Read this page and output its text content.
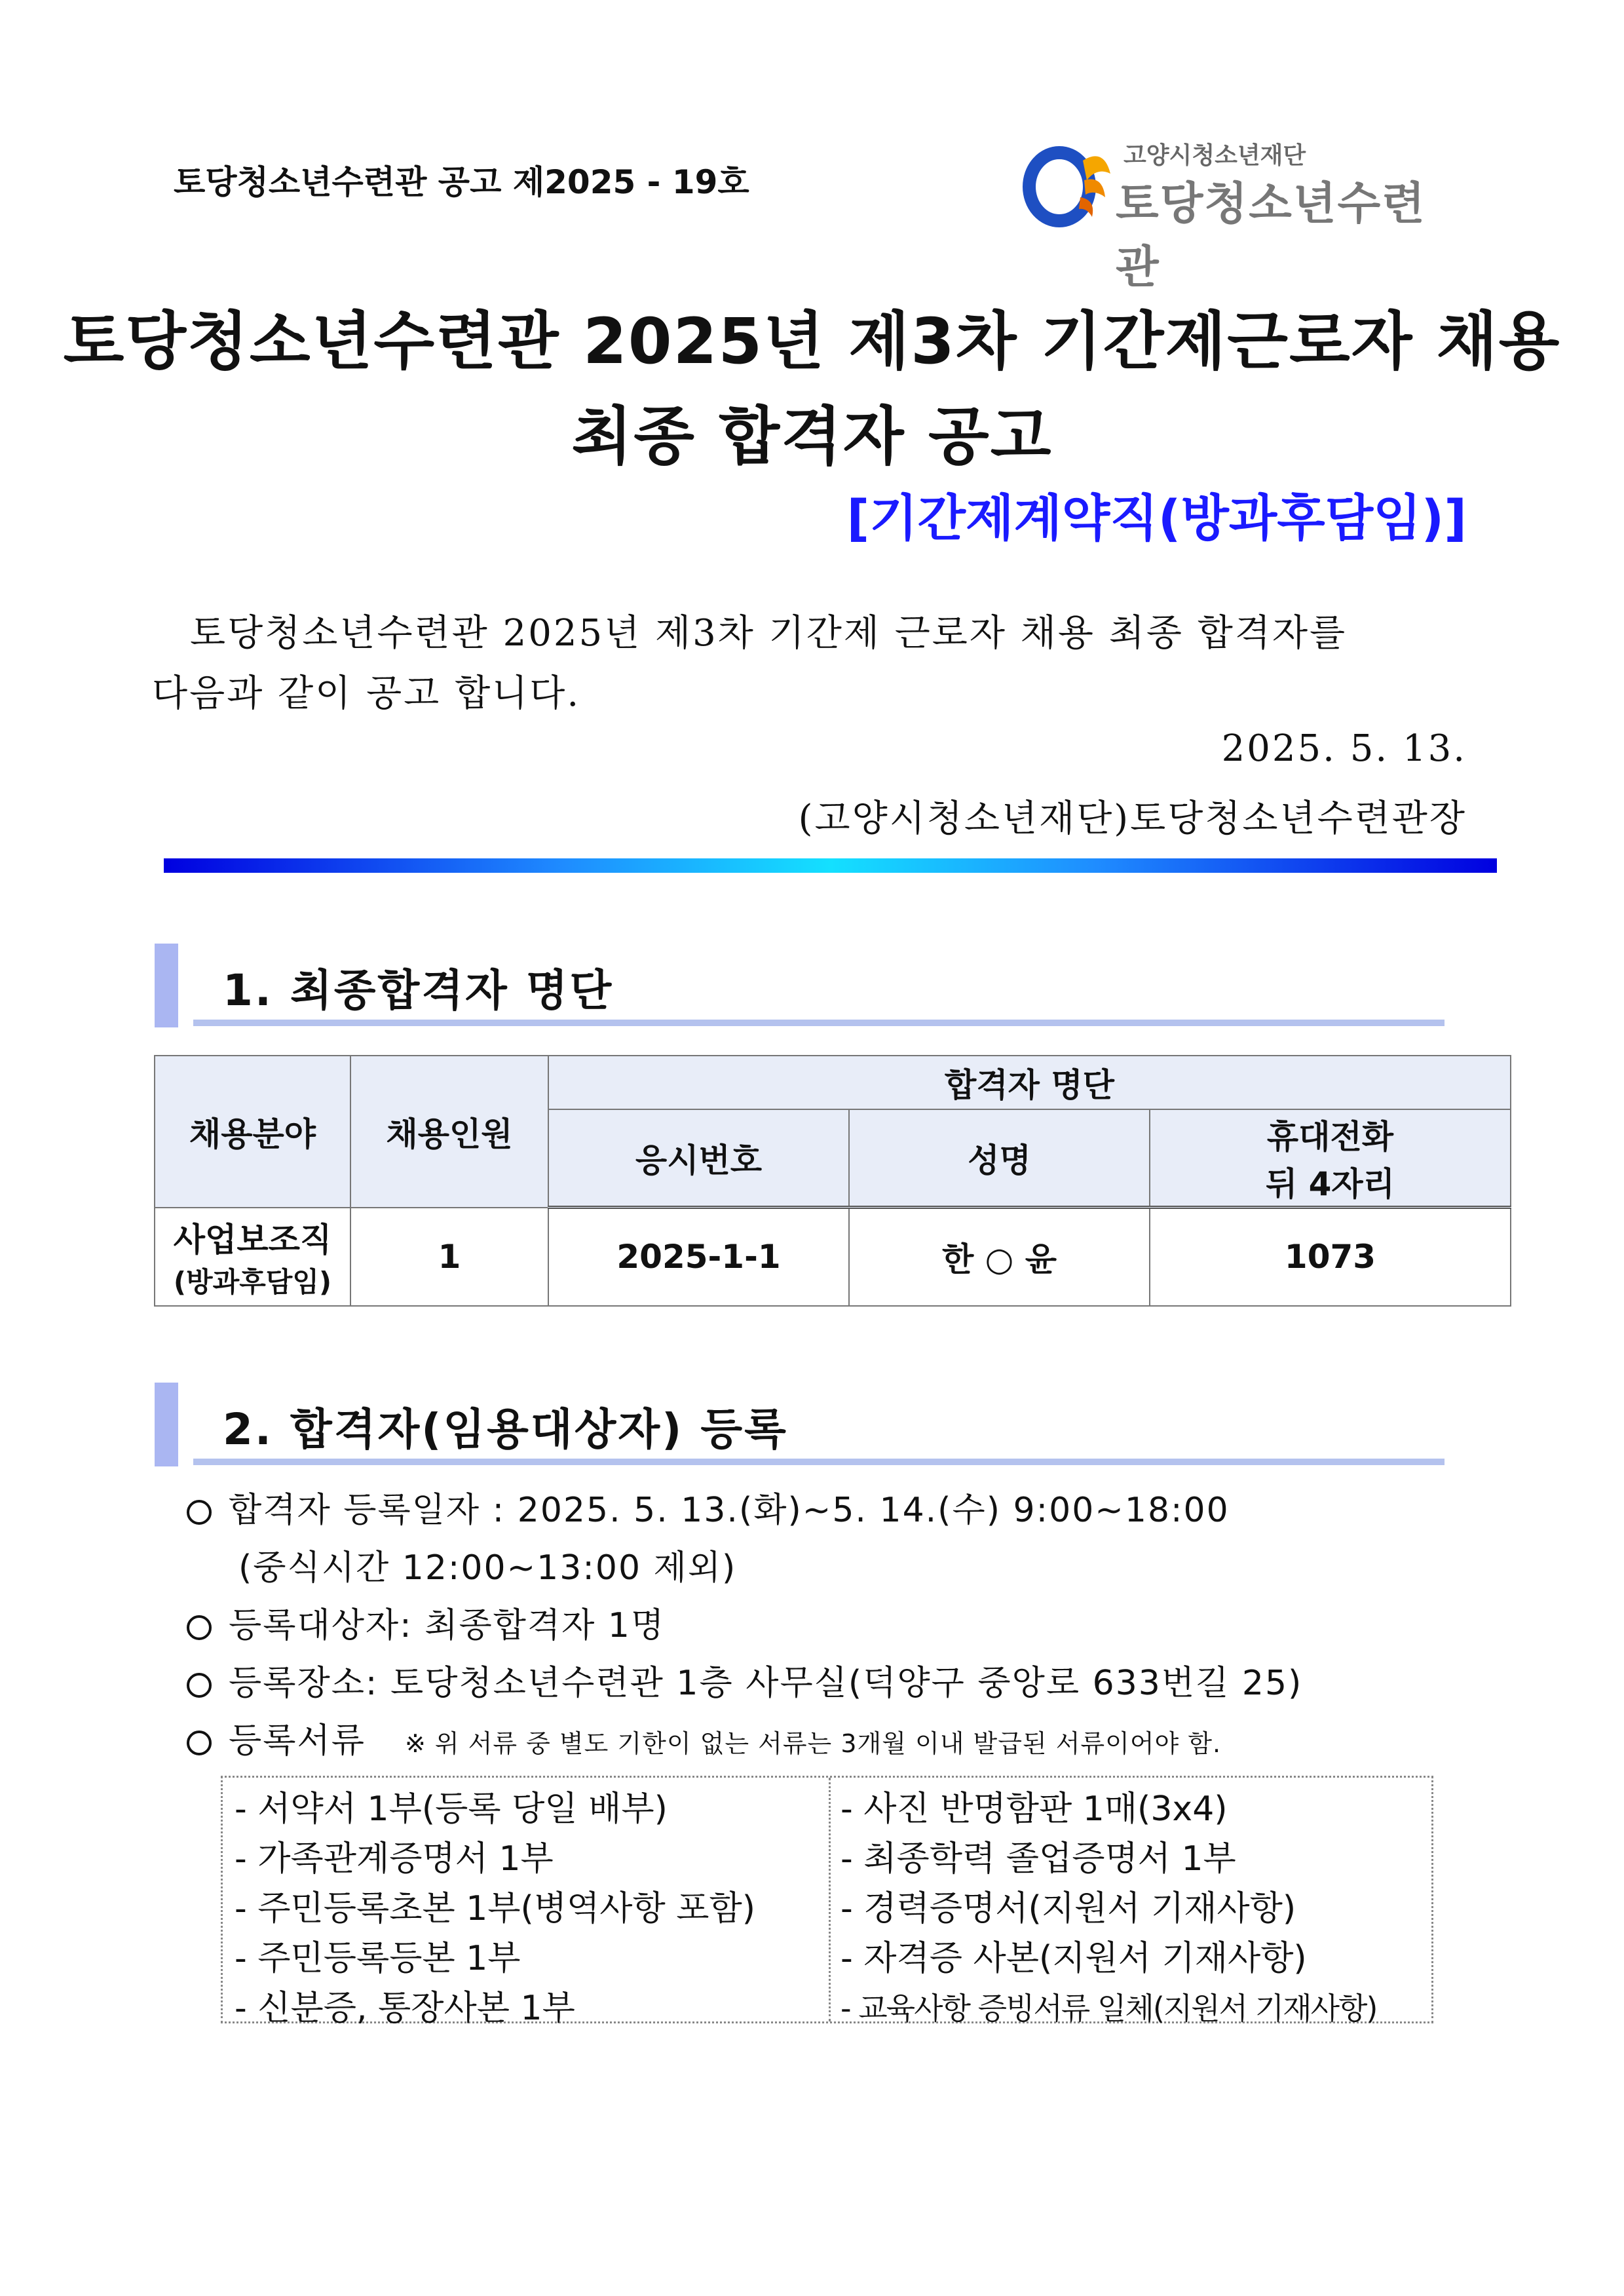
토당청소년수련관 공고 제2025 - 19호
고양시청소년재단
토당청소년수련관
토당청소년수련관 2025년 제3차 기간제근로자 채용
최종 합격자 공고
[기간제계약직(방과후담임)]
토당청소년수련관 2025년 제3차 기간제 근로자 채용 최종 합격자를
다음과 같이 공고 합니다.
2025. 5. 13.
(고양시청소년재단)토당청소년수련관장
1. 최종합격자 명단
채용분야	채용인원	합격자 명단		
		응시번호	성명	휴대전화
뒤 4자리

사업보조직
(방과후담임)	1	2025-1-1	한 ○ 윤	1073
2. 합격자(임용대상자) 등록
합격자 등록일자 : 2025. 5. 13.(화)~5. 14.(수) 9:00~18:00
(중식시간 12:00~13:00 제외)
등록대상자: 최종합격자 1명
등록장소: 토당청소년수련관 1층 사무실(덕양구 중앙로 633번길 25)
등록서류 ※ 위 서류 중 별도 기한이 없는 서류는 3개월 이내 발급된 서류이어야 함.
- 서약서 1부(등록 당일 배부)
- 가족관계증명서 1부
- 주민등록초본 1부(병역사항 포함)
- 주민등록등본 1부
- 신분증, 통장사본 1부
- 사진 반명함판 1매(3x4)
- 최종학력 졸업증명서 1부
- 경력증명서(지원서 기재사항)
- 자격증 사본(지원서 기재사항)
- 교육사항 증빙서류 일체(지원서 기재사항)
